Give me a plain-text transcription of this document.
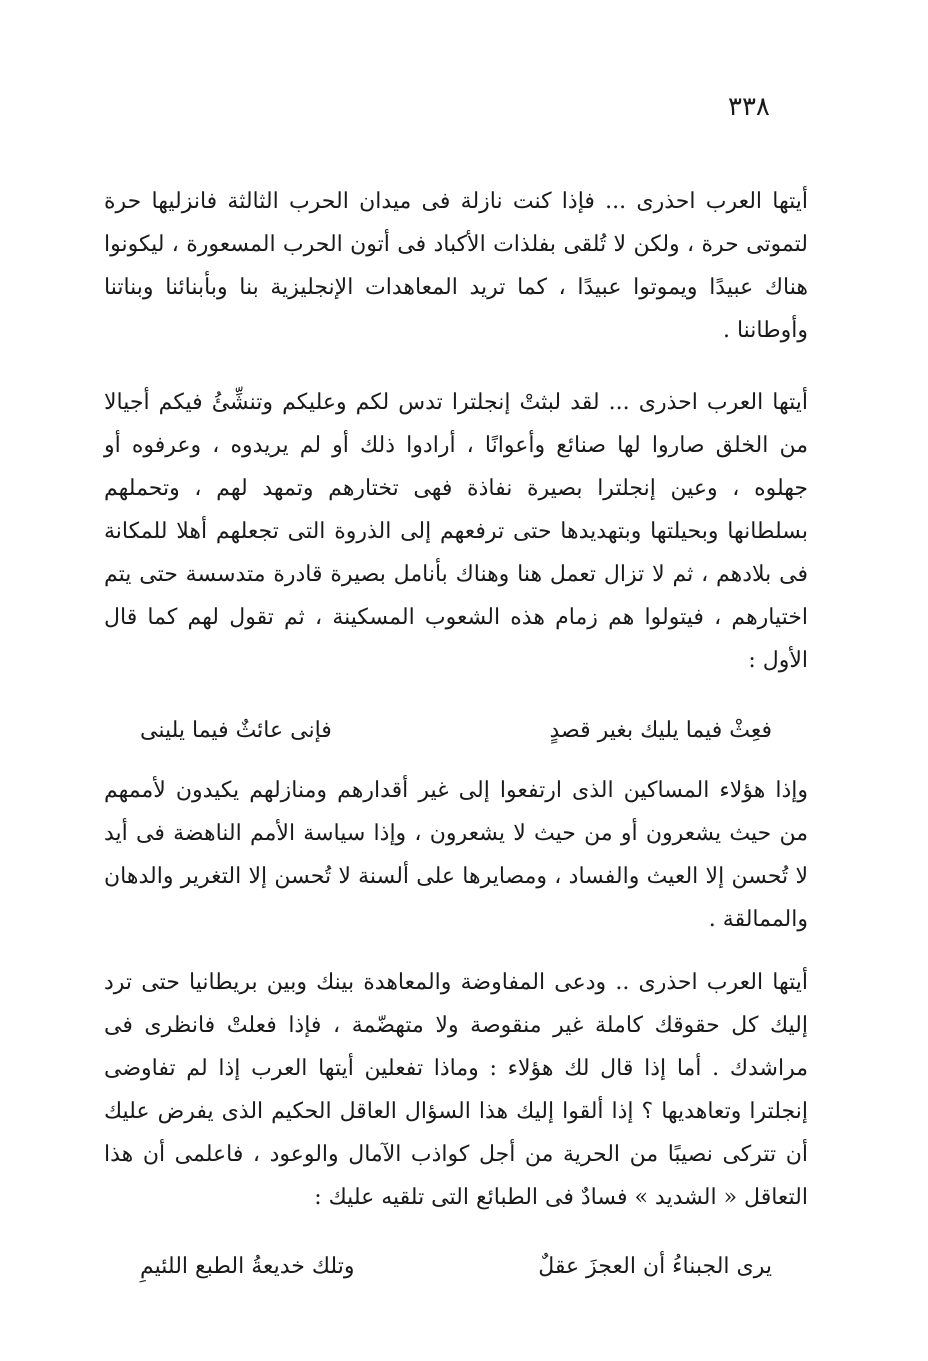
٣٣٨

أيتها العرب احذرى ... فإذا كنت نازلة فى ميدان الحرب الثالثة فانزليها حرة لتموتى حرة ، ولكن لا تُلقى بفلذات الأكباد فى أتون الحرب المسعورة ، ليكونوا هناك عبيدًا ويموتوا عبيدًا ، كما تريد المعاهدات الإنجليزية بنا وبأبنائنا وبناتنا وأوطاننا .

أيتها العرب احذرى ... لقد لبثتْ إنجلترا تدس لكم وعليكم وتنشِّئُ فيكم أجيالا من الخلق صاروا لها صنائع وأعوانًا ، أرادوا ذلك أو لم يريدوه ، وعرفوه أو جهلوه ، وعين إنجلترا بصيرة نفاذة فهى تختارهم وتمهد لهم ، وتحملهم بسلطانها وبحيلتها وبتهديدها حتى ترفعهم إلى الذروة التى تجعلهم أهلا للمكانة فى بلادهم ، ثم لا تزال تعمل هنا وهناك بأنامل بصيرة قادرة متدسسة حتى يتم اختيارهم ، فيتولوا هم زمام هذه الشعوب المسكينة ، ثم تقول لهم كما قال الأول :

فعِثْ فيما يليك بغير قصدٍ
فإنى عائثٌ فيما يلينى

وإذا هؤلاء المساكين الذى ارتفعوا إلى غير أقدارهم ومنازلهم يكيدون لأممهم من حيث يشعرون أو من حيث لا يشعرون ، وإذا سياسة الأمم الناهضة فى أيد لا تُحسن إلا العيث والفساد ، ومصايرها على ألسنة لا تُحسن إلا التغرير والدهان والممالقة .

أيتها العرب احذرى .. ودعى المفاوضة والمعاهدة بينك وبين بريطانيا حتى ترد إليك كل حقوقك كاملة غير منقوصة ولا متهضّمة ، فإذا فعلتْ فانظرى فى مراشدك . أما إذا قال لك هؤلاء : وماذا تفعلين أيتها العرب إذا لم تفاوضى إنجلترا وتعاهديها ؟ إذا ألقوا إليك هذا السؤال العاقل الحكيم الذى يفرض عليك أن تتركى نصيبًا من الحرية من أجل كواذب الآمال والوعود ، فاعلمى أن هذا التعاقل « الشديد » فسادٌ فى الطبائع التى تلقيه عليك :

يرى الجبناءُ أن العجزَ عقلٌ
وتلك خديعةُ الطبع اللئيمِ
